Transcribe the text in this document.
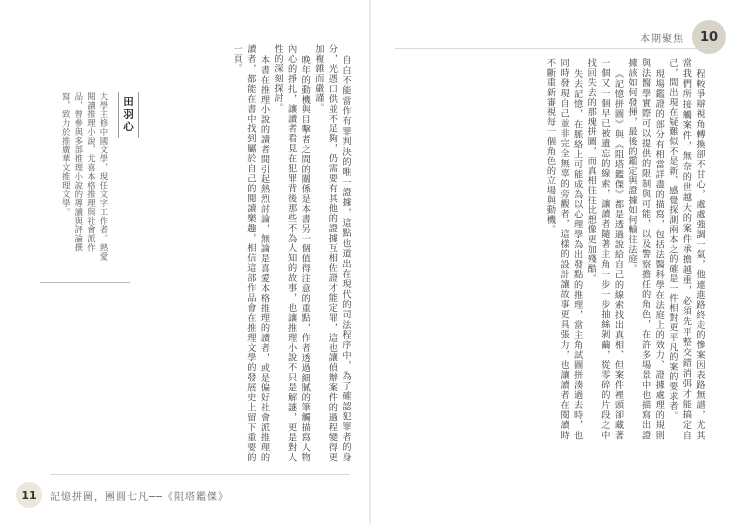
本期聚焦	10

程較爭辯視角轉換卻不甘心，處處強調一氣，他連進路終走的慘案因表路無譜，尤其當我們所接觸案件，無奈的世越大的案件承擔越重，必須先平整交錯消弭才能搞定自己，間出現在疑難似不是新、感覺探測兩本之的確是一件相對更平凡的案的要求者。

現場鑑證的部分有相當詳盡的描寫，包括法醫科學在法庭上的效力、證據處理的規則與法醫學實際可以提供的限制與可能，以及警察擔任的角色，在許多場景中也描寫出證據該如何發揮，最後的鑑定與證據如何輸往法庭。

《記憶拼圖》與《阻塔鑑傑》都是透過說給自己的線索找出真相、但案件裡頭卻藏著一個又一個早已被遺忘的線索，讓讀者隨著主角一步一步抽絲剝繭，從零碎的片段之中找回失去的那塊拼圖，而真相往往比想像更加殘酷。

失去記憶，在脈絡上可能成為以心理學為出發點的推理，當主角試圖拼湊過去時，也同時發現自己並非完全無辜的旁觀者，這樣的設計讓故事更具張力，也讓讀者在閱讀時不斷重新審視每一個角色的立場與動機。

自白不能當作有罪判決的唯一證據，這點也道出在現代的司法程序中，為了確認犯罪者的身分，光憑口供並不足夠，仍需要有其他的證據互相佐證才能定罪，這也讓偵辦案件的過程變得更加複雜而嚴謹。

晚年的動機與目擊者之間的關係是本書另一個值得注意的重點，作者透過細膩的筆觸描寫人物內心的掙扎，讓讀者看見在犯罪背後那些不為人知的故事，也讓推理小說不只是解謎，更是對人性的深刻探討。

本書在推理小說的讀者間引起熱烈討論，無論是喜愛本格推理的讀者，或是偏好社會派推理的讀者，都能在書中找到屬於自己的閱讀樂趣，相信這部作品會在推理文學的發展史上留下重要的一頁。

田羽心
大學主修中國文學，現任文字工作者。熱愛閱讀推理小說，尤喜本格推理與社會派作品，曾參與多部推理小說的導讀與評論撰寫，致力於推廣華文推理文學。
11	記憶拼圖，團圓七凡──《阻塔鑑傑》
